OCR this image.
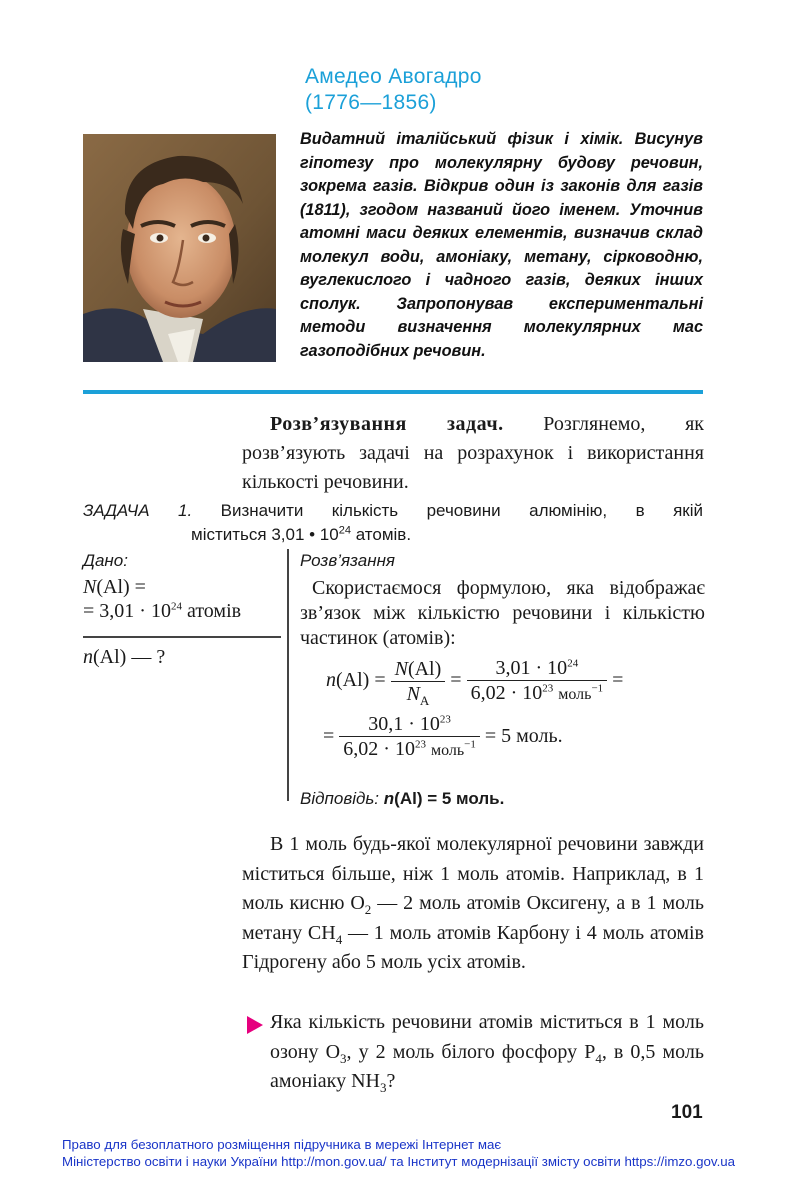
Амедео Авогадро
(1776—1856)
Видатний італійський фізик і хімік. Висунув гіпотезу про молекулярну будову речовин, зокрема газів. Відкрив один із законів для газів (1811), згодом названий його іменем. Уточнив атомні маси деяких елементів, визначив склад молекул води, амоніаку, метану, сірководню, вуглекислого і чадного газів, деяких інших сполук. Запропонував експериментальні методи визначення молекулярних мас газоподібних речовин.
Розв’язування задач. Розглянемо, як розв’язують задачі на розрахунок і використання кількості речовини.
ЗАДАЧА 1. Визначити кількість речовини алюмінію, в якій
міститься 3,01 • $10^{24}$ атомів.
Дано:
N(Al) =
= $3,01 \cdot 10^{24}$ атомів
n(Al) — ?
Розв’язання
Скористаємося формулою, яка відображає зв’язок між кількістю речовини і кількістю частинок (атомів):
$n(Al) = \frac{N(Al)}{N_A} = \frac{3,01 \cdot 10^{24}}{6,02 \cdot 10^{23} моль^{-1}}$ =
= $\frac{30,1 \cdot 10^{23}}{6,02 \cdot 10^{23} моль^{-1}} = 5$ моль.
Відповідь: n(Al) = 5 моль.
В 1 моль будь-якої молекулярної речовини завжди міститься більше, ніж 1 моль атомів. Наприклад, в 1 моль кисню $O_2$ — 2 моль атомів Оксигену, а в 1 моль метану $CH_4$ — 1 моль атомів Карбону і 4 моль атомів Гідрогену або 5 моль усіх атомів.
Яка кількість речовини атомів міститься в 1 моль озону $O_3$, у 2 моль білого фосфору $P_4$, в 0,5 моль амоніаку $NH_3$?
101
Право для безоплатного розміщення підручника в мережі Інтернет має
Міністерство освіти і науки України http://mon.gov.ua/ та Інститут модернізації змісту освіти https://imzo.gov.ua
